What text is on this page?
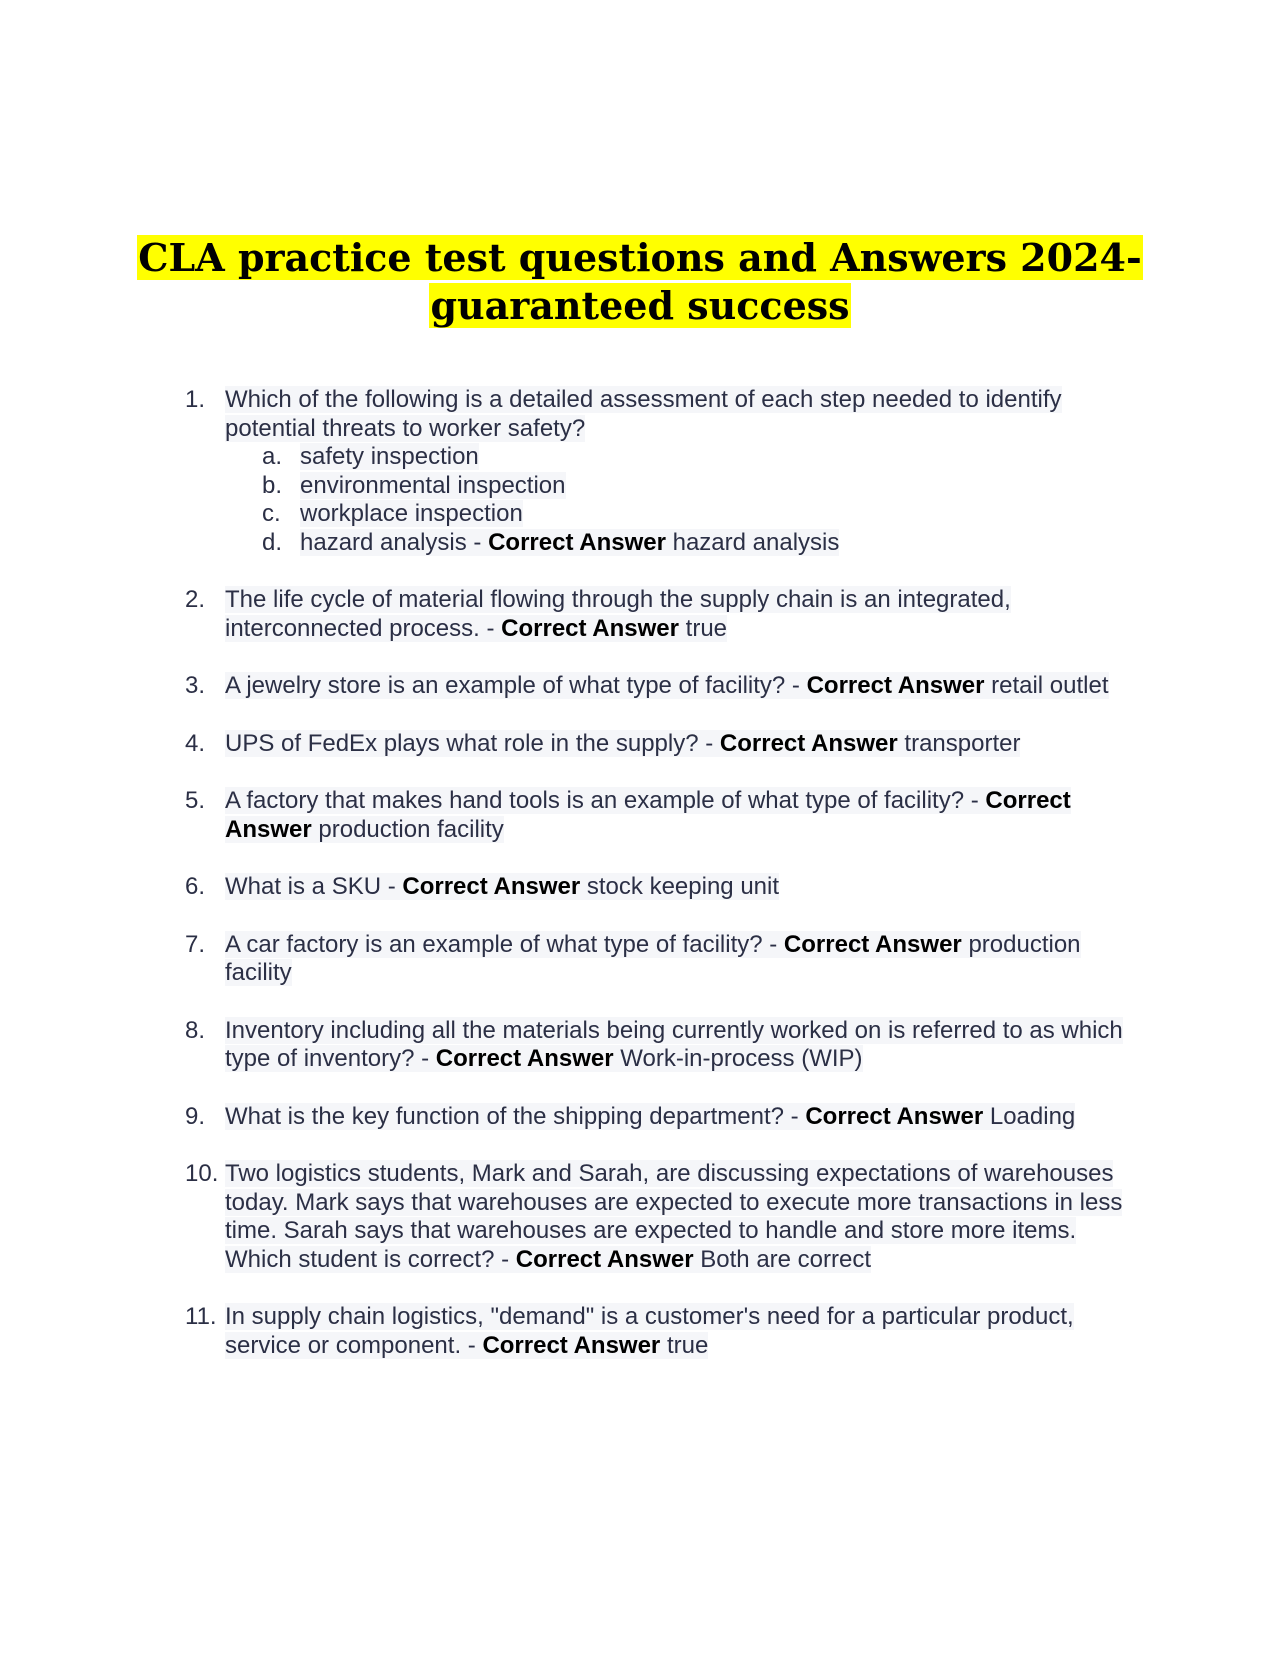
CLA practice test questions and Answers 2024-
guaranteed success
1. Which of the following is a detailed assessment of each step needed to identify potential threats to worker safety?
a. safety inspection
b. environmental inspection
c. workplace inspection
d. hazard analysis - Correct Answer hazard analysis
2. The life cycle of material flowing through the supply chain is an integrated, interconnected process. - Correct Answer true
3. A jewelry store is an example of what type of facility? - Correct Answer retail outlet
4. UPS of FedEx plays what role in the supply? - Correct Answer transporter
5. A factory that makes hand tools is an example of what type of facility? - Correct Answer production facility
6. What is a SKU - Correct Answer stock keeping unit
7. A car factory is an example of what type of facility? - Correct Answer production facility
8. Inventory including all the materials being currently worked on is referred to as which type of inventory? - Correct Answer Work-in-process (WIP)
9. What is the key function of the shipping department? - Correct Answer Loading
10. Two logistics students, Mark and Sarah, are discussing expectations of warehouses today. Mark says that warehouses are expected to execute more transactions in less time. Sarah says that warehouses are expected to handle and store more items. Which student is correct? - Correct Answer Both are correct
11. In supply chain logistics, "demand" is a customer's need for a particular product, service or component. - Correct Answer true
